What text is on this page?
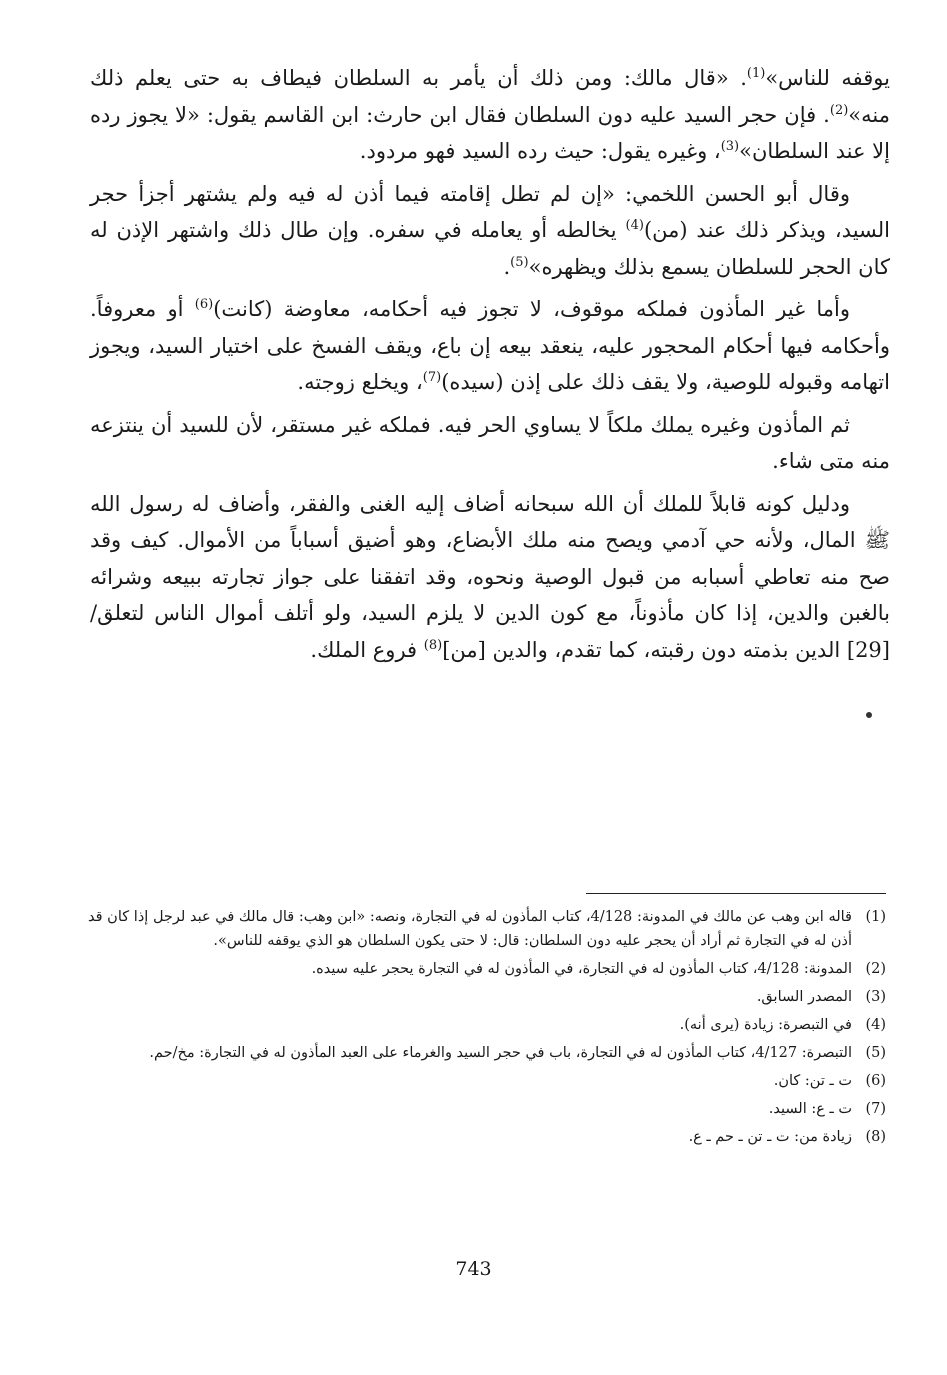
يوقفه للناس»$^{(1)}$. «قال مالك: ومن ذلك أن يأمر به السلطان فيطاف به حتى يعلم ذلك منه»$^{(2)}$. فإن حجر السيد عليه دون السلطان فقال ابن حارث: ابن القاسم يقول: «لا يجوز رده إلا عند السلطان»$^{(3)}$، وغيره يقول: حيث رده السيد فهو مردود.

وقال أبو الحسن اللخمي: «إن لم تطل إقامته فيما أذن له فيه ولم يشتهر أجزأ حجر السيد، ويذكر ذلك عند (من)$^{(4)}$ يخالطه أو يعامله في سفره. وإن طال ذلك واشتهر الإذن له كان الحجر للسلطان يسمع بذلك ويظهره»$^{(5)}$.

وأما غير المأذون فملكه موقوف، لا تجوز فيه أحكامه، معاوضة (كانت)$^{(6)}$ أو معروفاً. وأحكامه فيها أحكام المحجور عليه، ينعقد بيعه إن باع، ويقف الفسخ على اختيار السيد، ويجوز اتهامه وقبوله للوصية، ولا يقف ذلك على إذن (سيده)$^{(7)}$، ويخلع زوجته.

ثم المأذون وغيره يملك ملكاً لا يساوي الحر فيه. فملكه غير مستقر، لأن للسيد أن ينتزعه منه متى شاء.

ودليل كونه قابلاً للملك أن الله سبحانه أضاف إليه الغنى والفقر، وأضاف له رسول الله ﷺ المال، ولأنه حي آدمي ويصح منه ملك الأبضاع، وهو أضيق أسباباً من الأموال. كيف وقد صح منه تعاطي أسبابه من قبول الوصية ونحوه، وقد اتفقنا على جواز تجارته ببيعه وشرائه بالغبن والدين، إذا كان مأذوناً، مع كون الدين لا يلزم السيد، ولو أتلف أموال الناس لتعلق/ [29] الدين بذمته دون رقبته، كما تقدم، والدين [من]$^{(8)}$ فروع الملك.

(1)
قاله ابن وهب عن مالك في المدونة: 4/128، كتاب المأذون له في التجارة، ونصه: «ابن وهب: قال مالك في عبد لرجل إذا كان قد أذن له في التجارة ثم أراد أن يحجر عليه دون السلطان: قال: لا حتى يكون السلطان هو الذي يوقفه للناس».
(2)
المدونة: 4/128، كتاب المأذون له في التجارة، في المأذون له في التجارة يحجر عليه سيده.
(3)
المصدر السابق.
(4)
في التبصرة: زيادة (يرى أنه).
(5)
التبصرة: 4/127، كتاب المأذون له في التجارة، باب في حجر السيد والغرماء على العبد المأذون له في التجارة: مخ/حم.
(6)
ت ـ تن: كان.
(7)
ت ـ ع: السيد.
(8)
زيادة من: ت ـ تن ـ حم ـ ع.
743
